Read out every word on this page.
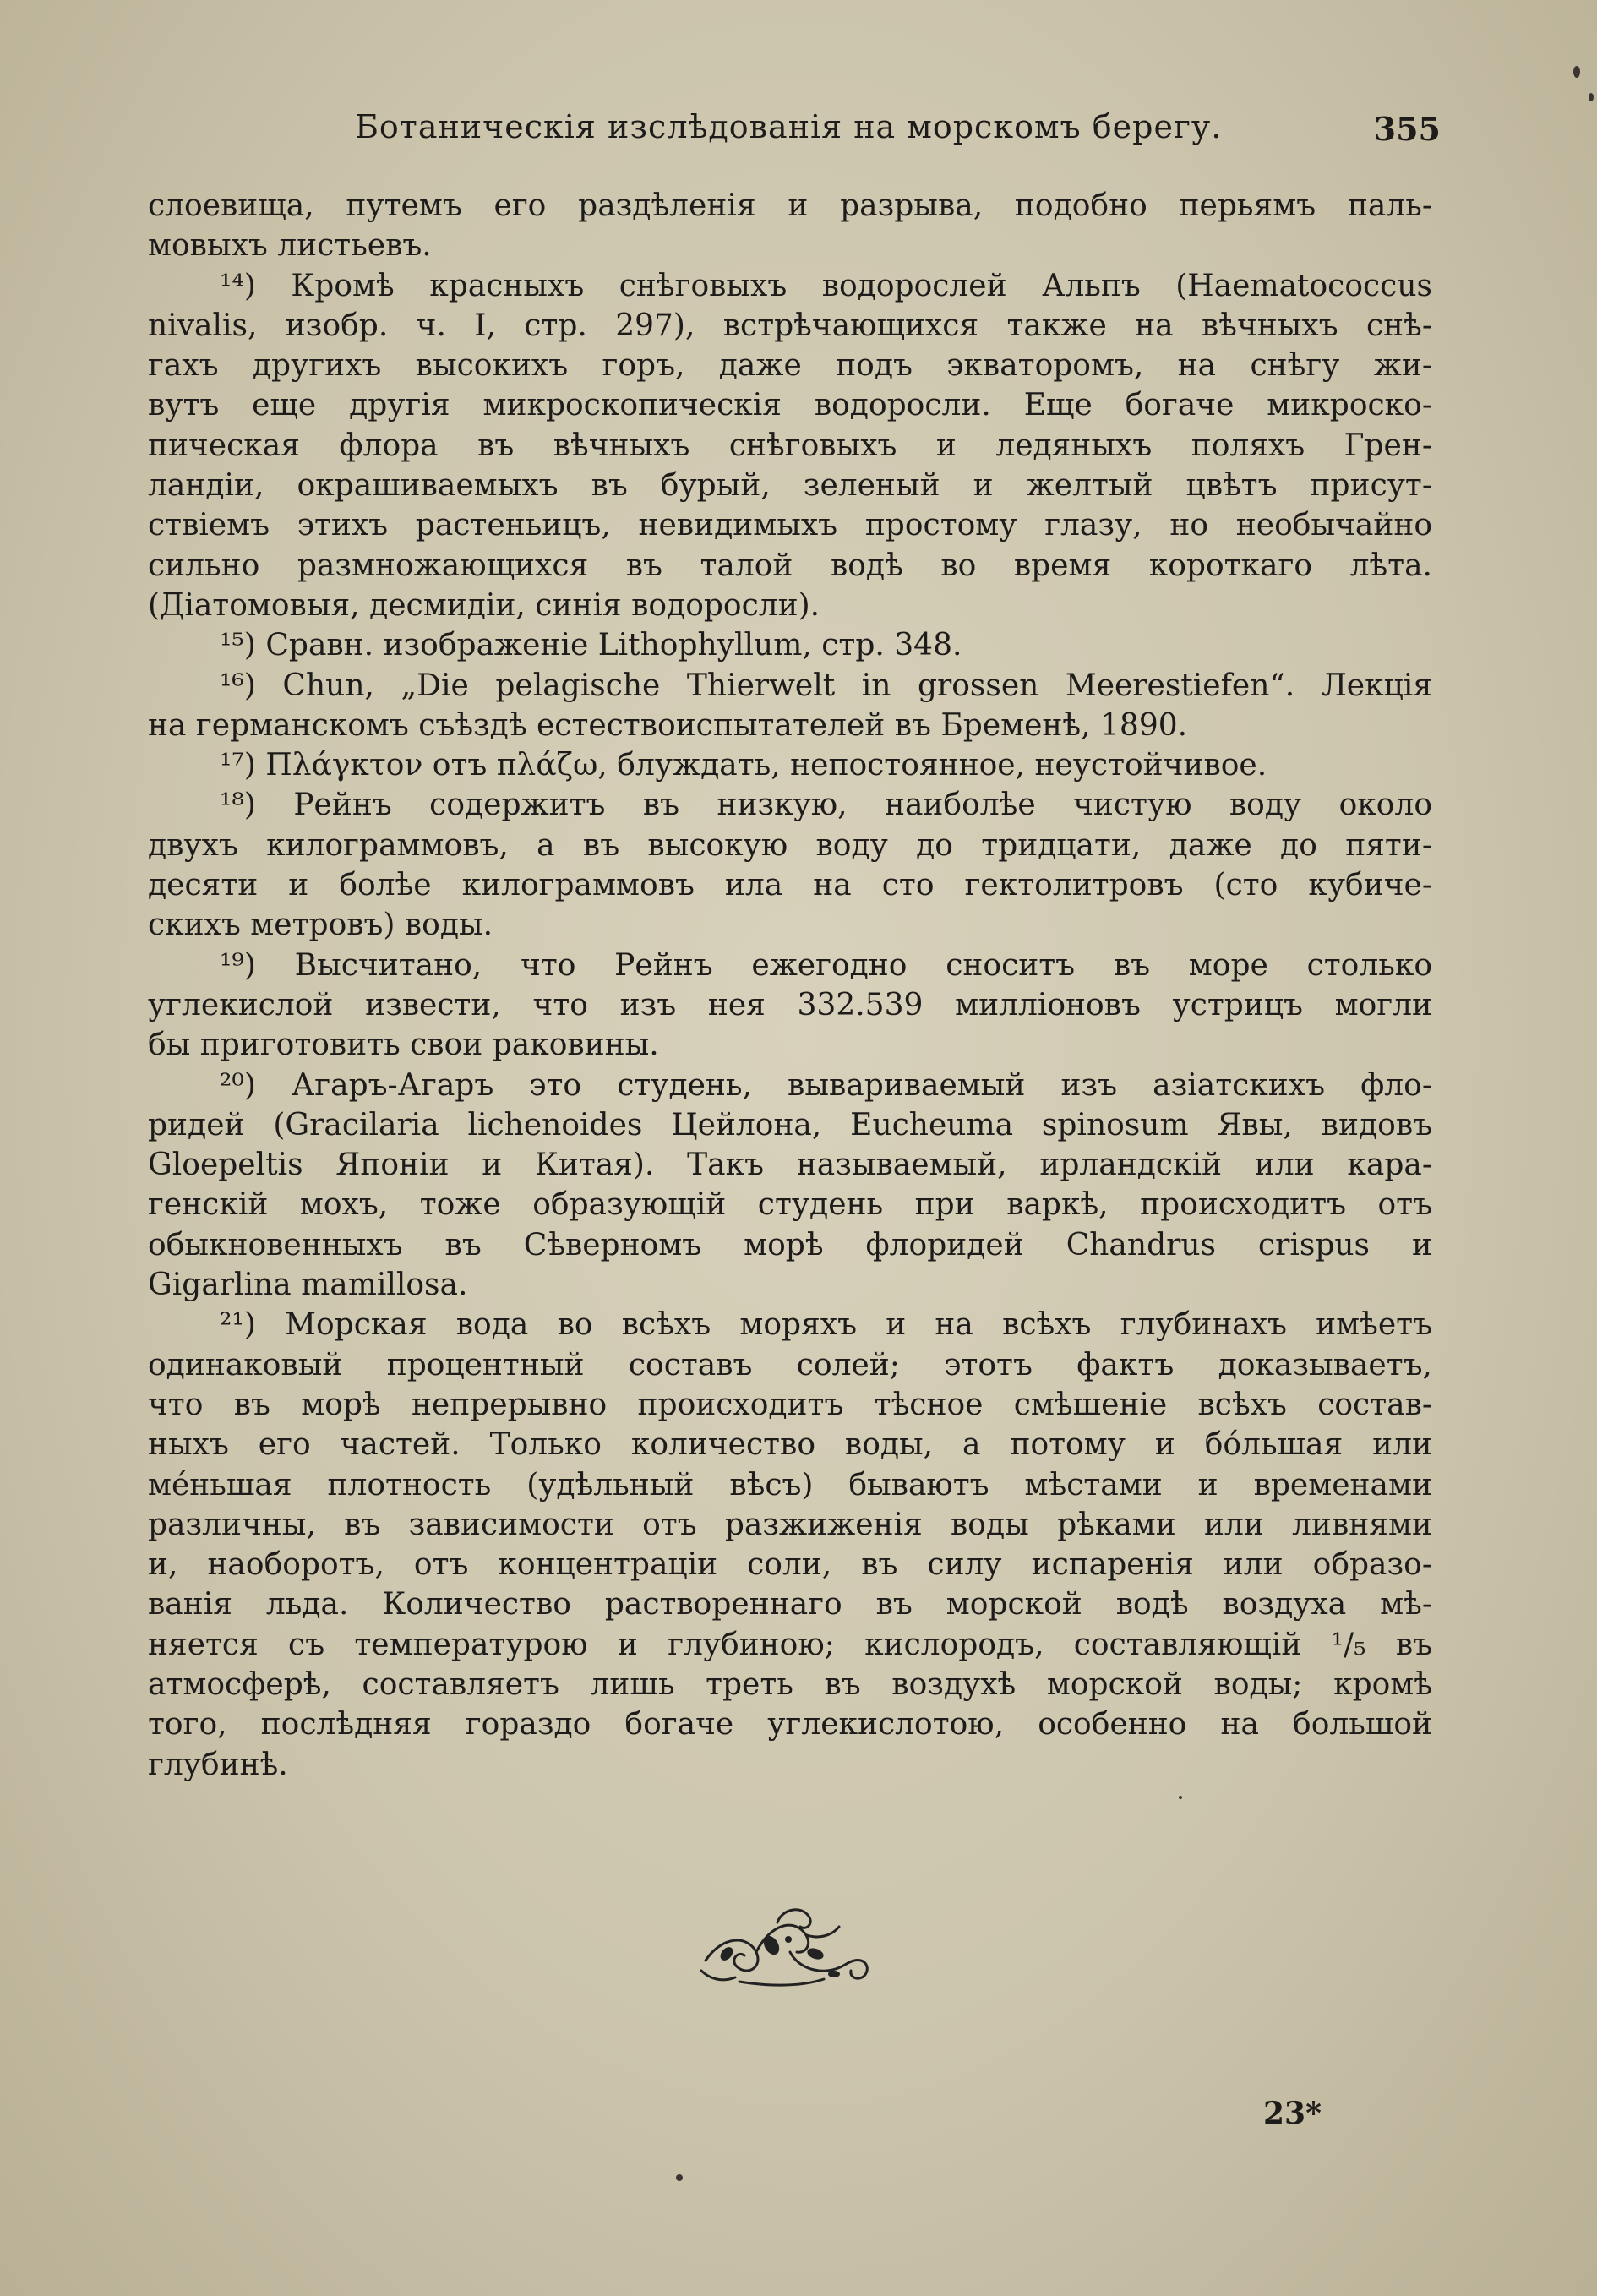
Ботаническія изслѣдованія на морскомъ берегу.	355
слоевища, путемъ его раздѣленія и разрыва, подобно перьямъ паль-
мовыхъ листьевъ.
¹⁴) Кромѣ красныхъ снѣговыхъ водорослей Альпъ (Haematococcus
nivalis, изобр. ч. I, стр. 297), встрѣчающихся также на вѣчныхъ снѣ-
гахъ другихъ высокихъ горъ, даже подъ экваторомъ, на снѣгу жи-
вутъ еще другія микроскопическія водоросли. Еще богаче микроско-
пическая флора въ вѣчныхъ снѣговыхъ и ледяныхъ поляхъ Грен-
ландіи, окрашиваемыхъ въ бурый, зеленый и желтый цвѣтъ присут-
ствіемъ этихъ растеньицъ, невидимыхъ простому глазу, но необычайно
сильно размножающихся въ талой водѣ во время короткаго лѣта.
(Діатомовыя, десмидіи, синія водоросли).
¹⁵) Сравн. изображеніе Lithophyllum, стр. 348.
¹⁶) Chun, „Die pelagische Thierwelt in grossen Meerestiefen“. Лекція
на германскомъ съѣздѣ естествоиспытателей въ Бременѣ, 1890.
¹⁷) Πλάγκτον отъ πλάζω, блуждать, непостоянное, неустойчивое.
¹⁸) Рейнъ содержитъ въ низкую, наиболѣе чистую воду около
двухъ килограммовъ, а въ высокую воду до тридцати, даже до пяти-
десяти и болѣе килограммовъ ила на сто гектолитровъ (сто кубиче-
скихъ метровъ) воды.
¹⁹) Высчитано, что Рейнъ ежегодно сноситъ въ море столько
углекислой извести, что изъ нея 332.539 милліоновъ устрицъ могли
бы приготовить свои раковины.
²⁰) Агаръ-Агаръ это студень, вывариваемый изъ азіатскихъ фло-
ридей (Gracilaria lichenoides Цейлона, Eucheuma spinosum Явы, видовъ
Gloepeltis Японіи и Китая). Такъ называемый, ирландскій или кара-
генскій мохъ, тоже образующій студень при варкѣ, происходитъ отъ
обыкновенныхъ въ Сѣверномъ морѣ флоридей Chandrus crispus и
Gigarlina mamillosa.
²¹) Морская вода во всѣхъ моряхъ и на всѣхъ глубинахъ имѣетъ
одинаковый процентный составъ солей; этотъ фактъ доказываетъ,
что въ морѣ непрерывно происходитъ тѣсное смѣшеніе всѣхъ состав-
ныхъ его частей. Только количество воды, а потому и бо́льшая или
ме́ньшая плотность (удѣльный вѣсъ) бываютъ мѣстами и временами
различны, въ зависимости отъ разжиженія воды рѣками или ливнями
и, наоборотъ, отъ концентраціи соли, въ силу испаренія или образо-
ванія льда. Количество раствореннаго въ морской водѣ воздуха мѣ-
няется съ температурою и глубиною; кислородъ, составляющій ¹/₅ въ
атмосферѣ, составляетъ лишь треть въ воздухѣ морской воды; кромѣ
того, послѣдняя гораздо богаче углекислотою, особенно на большой
глубинѣ.
23*
